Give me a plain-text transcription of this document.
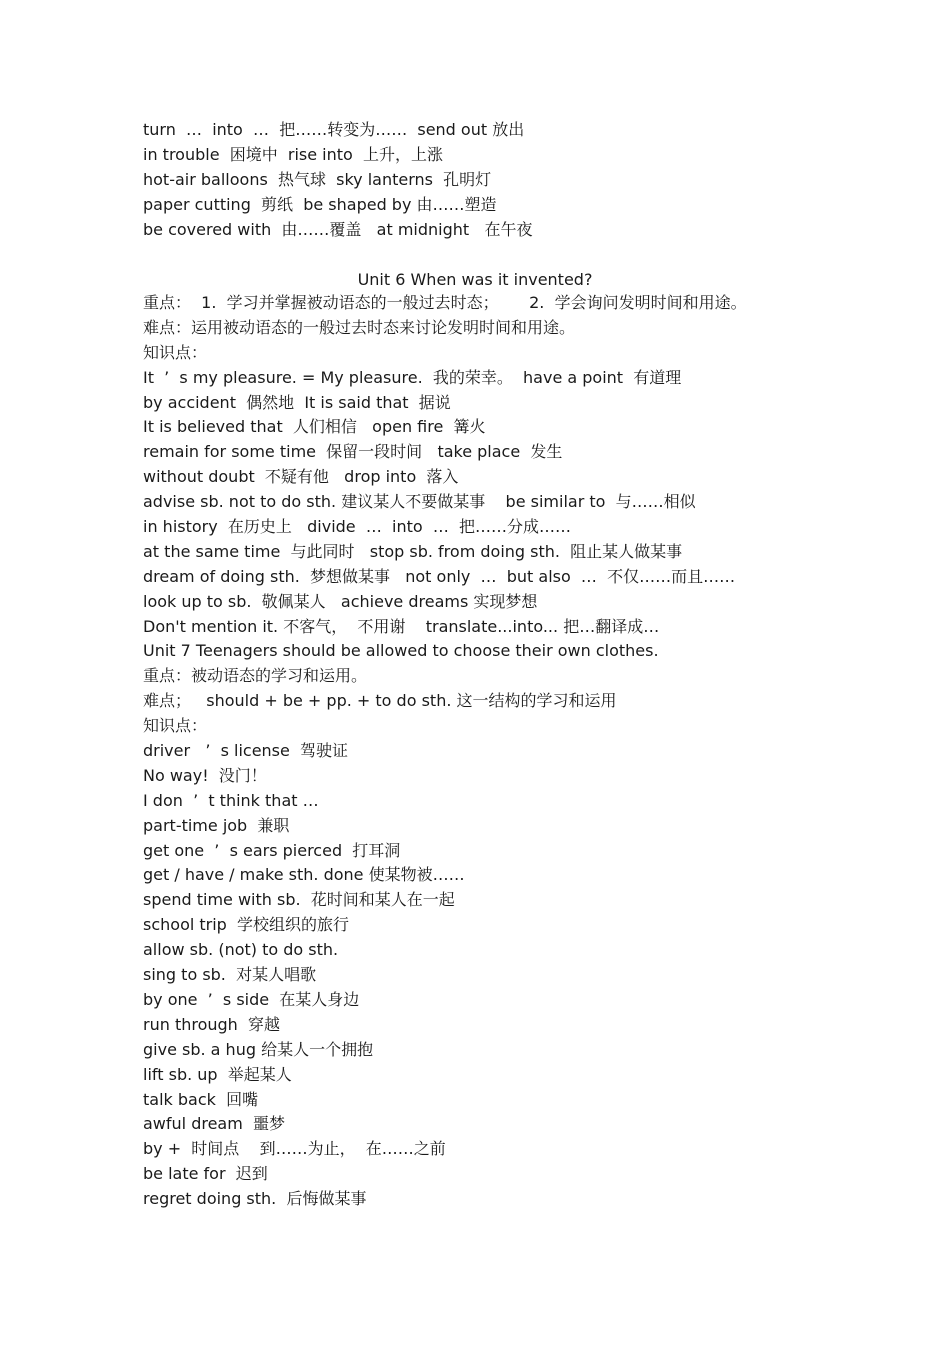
turn  …  into  …  把……转变为……  send out 放出
in trouble  困境中  rise into  上升，上涨
hot-air balloons  热气球  sky lanterns  孔明灯
paper cutting  剪纸  be shaped by 由……塑造
be covered with  由……覆盖   at midnight   在午夜
Unit 6 When was it invented?
重点：  1.  学习并掌握被动语态的一般过去时态；      2.  学会询问发明时间和用途。
难点：运用被动语态的一般过去时态来讨论发明时间和用途。
知识点：
It  ’  s my pleasure. = My pleasure.  我的荣幸。  have a point  有道理
by accident  偶然地  It is said that  据说
It is believed that  人们相信   open fire  篝火
remain for some time  保留一段时间   take place  发生
without doubt  不疑有他   drop into  落入
advise sb. not to do sth. 建议某人不要做某事    be similar to  与……相似
in history  在历史上   divide  …  into  …  把……分成……
at the same time  与此同时   stop sb. from doing sth.  阻止某人做某事
dream of doing sth.  梦想做某事   not only  …  but also  …  不仅……而且……
look up to sb.  敬佩某人   achieve dreams 实现梦想
Don't mention it. 不客气，  不用谢    translate...into... 把…翻译成…
Unit 7 Teenagers should be allowed to choose their own clothes.
重点：被动语态的学习和运用。
难点；   should + be + pp. + to do sth. 这一结构的学习和运用
知识点：
driver   ’  s license  驾驶证
No way!  没门！
I don  ’  t think that …
part-time job  兼职
get one  ’  s ears pierced  打耳洞
get / have / make sth. done 使某物被……
spend time with sb.  花时间和某人在一起
school trip  学校组织的旅行
allow sb. (not) to do sth.
sing to sb.  对某人唱歌
by one  ’  s side  在某人身边
run through  穿越
give sb. a hug 给某人一个拥抱
lift sb. up  举起某人
talk back  回嘴
awful dream  噩梦
by +  时间点    到……为止，  在……之前
be late for  迟到
regret doing sth.  后悔做某事
